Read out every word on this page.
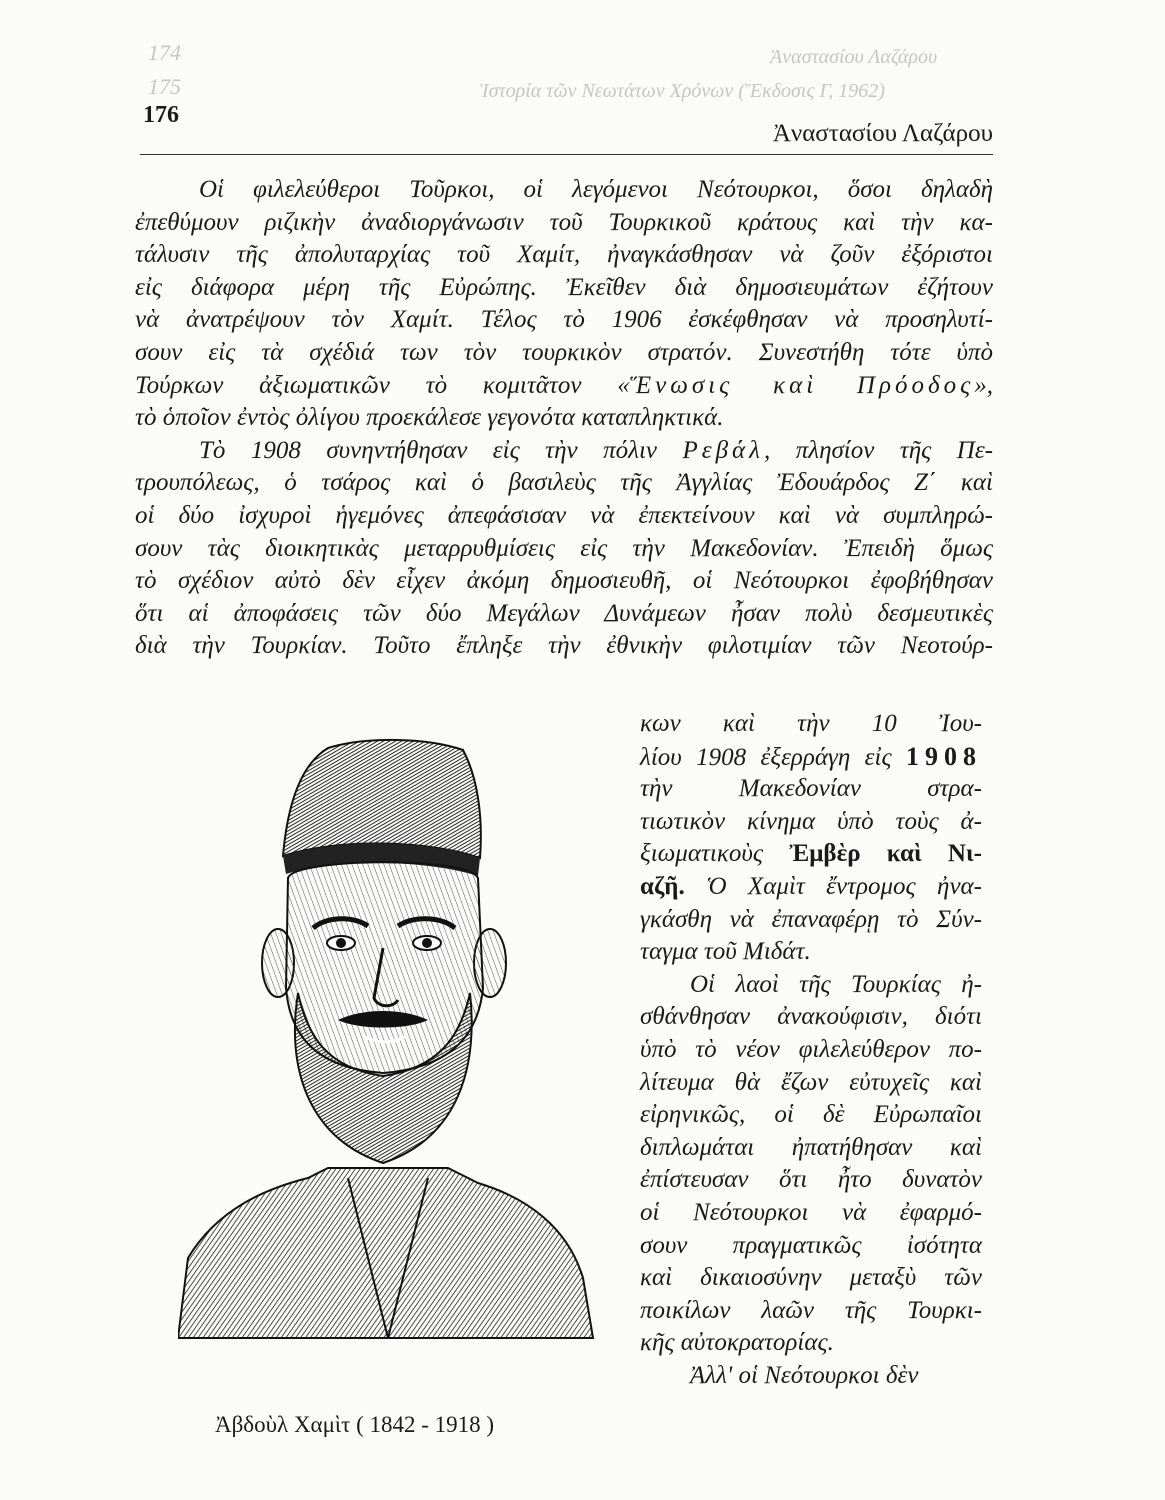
174	Ἀναστασίου Λαζάρου
175	Ἱστορία τῶν Νεωτάτων Χρόνων (Ἔκδοσις Γ, 1962)
176
Ἀναστασίου Λαζάρου
Οἱ φιλελεύθεροι Τοῦρκοι, οἱ λεγόμενοι Νεότουρκοι, ὅσοι δηλαδὴ
ἐπεθύμουν ριζικὴν ἀναδιοργάνωσιν τοῦ Τουρκικοῦ κράτους καὶ τὴν κα-
τάλυσιν τῆς ἀπολυταρχίας τοῦ Χαμίτ, ἠναγκάσθησαν νὰ ζοῦν ἐξόριστοι
εἰς διάφορα μέρη τῆς Εὐρώπης. Ἐκεῖθεν διὰ δημοσιευμάτων ἐζήτουν
νὰ ἀνατρέψουν τὸν Χαμίτ. Τέλος τὸ 1906 ἐσκέφθησαν νὰ προσηλυτί-
σουν εἰς τὰ σχέδιά των τὸν τουρκικὸν στρατόν. Συνεστήθη τότε ὑπὸ
Τούρκων ἀξιωματικῶν τὸ κομιτᾶτον «Ἕνωσις καὶ Πρόοδος»,
τὸ ὁποῖον ἐντὸς ὀλίγου προεκάλεσε γεγονότα καταπληκτικά.
Τὸ 1908 συνηντήθησαν εἰς τὴν πόλιν Ρεβάλ, πλησίον τῆς Πε-
τρουπόλεως, ὁ τσάρος καὶ ὁ βασιλεὺς τῆς Ἀγγλίας Ἐδουάρδος Ζ΄ καὶ
οἱ δύο ἰσχυροὶ ἡγεμόνες ἀπεφάσισαν νὰ ἐπεκτείνουν καὶ νὰ συμπληρώ-
σουν τὰς διοικητικὰς μεταρρυθμίσεις εἰς τὴν Μακεδονίαν. Ἐπειδὴ ὅμως
τὸ σχέδιον αὐτὸ δὲν εἶχεν ἀκόμη δημοσιευθῆ, οἱ Νεότουρκοι ἐφοβήθησαν
ὅτι αἱ ἀποφάσεις τῶν δύο Μεγάλων Δυνάμεων ἦσαν πολὺ δεσμευτικὲς
διὰ τὴν Τουρκίαν. Τοῦτο ἔπληξε τὴν ἐθνικὴν φιλοτιμίαν τῶν Νεοτούρ-
κων καὶ τὴν 10 Ἰου-
λίου 1908 ἐξερράγη εἰς 1908
τὴν Μακεδονίαν στρα-
τιωτικὸν κίνημα ὑπὸ τοὺς ἀ-
ξιωματικοὺς Ἐμβὲρ καὶ Νι-
αζῆ. Ὁ Χαμὶτ ἔντρομος ἠνα-
γκάσθη νὰ ἐπαναφέρῃ τὸ Σύν-
ταγμα τοῦ Μιδάτ.
Οἱ λαοὶ τῆς Τουρκίας ἠ-
σθάνθησαν ἀνακούφισιν, διότι
ὑπὸ τὸ νέον φιλελεύθερον πο-
λίτευμα θὰ ἔζων εὐτυχεῖς καὶ
εἰρηνικῶς, οἱ δὲ Εὐρωπαῖοι
διπλωμάται ἠπατήθησαν καὶ
ἐπίστευσαν ὅτι ἦτο δυνατὸν
οἱ Νεότουρκοι νὰ ἐφαρμό-
σουν πραγματικῶς ἰσότητα
καὶ δικαιοσύνην μεταξὺ τῶν
ποικίλων λαῶν τῆς Τουρκι-
κῆς αὐτοκρατορίας.
Ἀλλ' οἱ Νεότουρκοι δὲν
Ἀβδοὺλ Χαμὶτ ( 1842 - 1918 )
